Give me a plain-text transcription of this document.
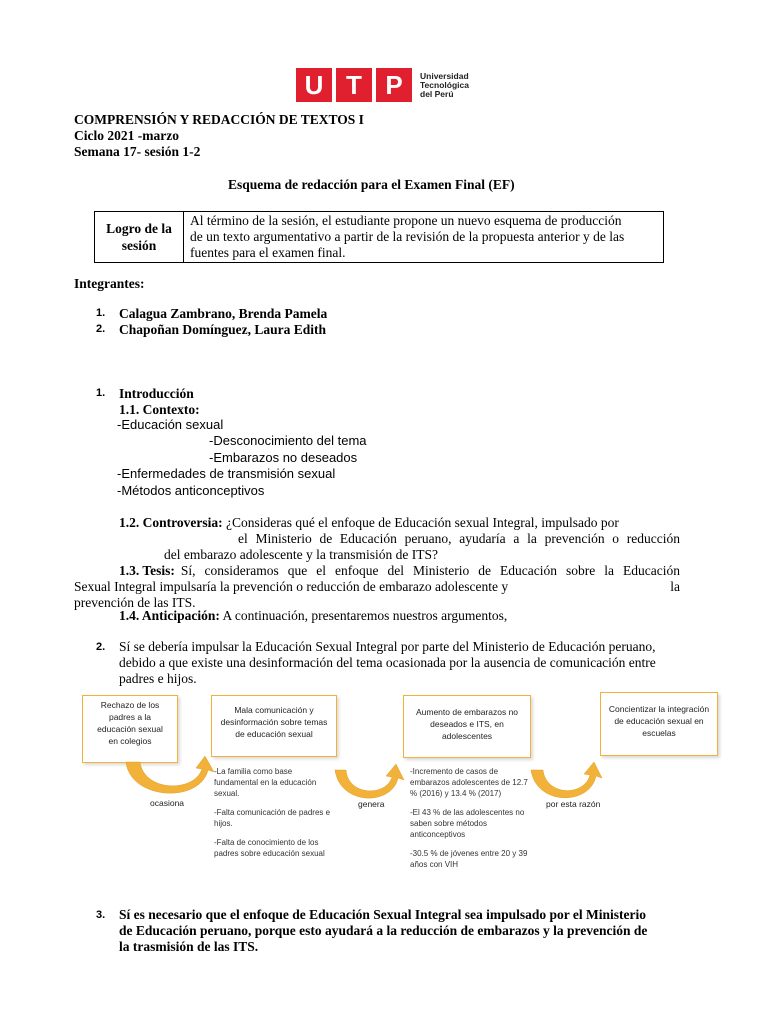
U T P	Universidad
Tecnológica
del Perú
COMPRENSIÓN Y REDACCIÓN DE TEXTOS I
Ciclo 2021 -marzo
Semana 17- sesión 1-2
Esquema de redacción para el Examen Final (EF)
Logro de la
sesión
Al término de la sesión, el estudiante propone un nuevo esquema de producción
de un texto argumentativo a partir de la revisión de la propuesta anterior y de las
fuentes para el examen final.
Integrantes:
1. Calagua Zambrano, Brenda Pamela
2. Chapoñan Domínguez, Laura Edith
1. Introducción
1.1. Contexto:
-Educación sexual
-Desconocimiento del tema
-Embarazos no deseados
-Enfermedades de transmisión sexual
-Métodos anticonceptivos
1.2. Controversia: ¿Consideras qué el enfoque de Educación sexual Integral, impulsado por
el Ministerio de Educación peruano, ayudaría a la prevención o reducción
del embarazo adolescente y la transmisión de ITS?
1.3. Tesis: Sí, consideramos que el enfoque del Ministerio de Educación sobre la Educación
Sexual Integral impulsaría la prevención o reducción de embarazo adolescente y	la
prevención de las ITS.
1.4. Anticipación: A continuación, presentaremos nuestros argumentos,
2. Sí se debería impulsar la Educación Sexual Integral por parte del Ministerio de Educación peruano,
debido a que existe una desinformación del tema ocasionada por la ausencia de comunicación entre
padres e hijos.
Rechazo de los
padres a la
educación sexual
en colegios
Mala comunicación y
desinformación sobre temas
de educación sexual
Aumento de embarazos no
deseados e ITS, en
adolescentes
Concientizar la integración
de educación sexual en
escuelas
ocasiona	genera	por esta razón
-La familia como base
fundamental en la educación
sexual.
-Falta comunicación de padres e
hijos.
-Falta de conocimiento de los
padres sobre educación sexual
-Incremento de casos de
embarazos adolescentes de 12.7
% (2016) y 13.4 % (2017)
-El 43 % de las adolescentes no
saben sobre métodos
anticonceptivos
-30.5 % de jóvenes entre 20 y 39
años con VIH
3. Sí es necesario que el enfoque de Educación Sexual Integral sea impulsado por el Ministerio
de Educación peruano, porque esto ayudará a la reducción de embarazos y la prevención de
la trasmisión de las ITS.
